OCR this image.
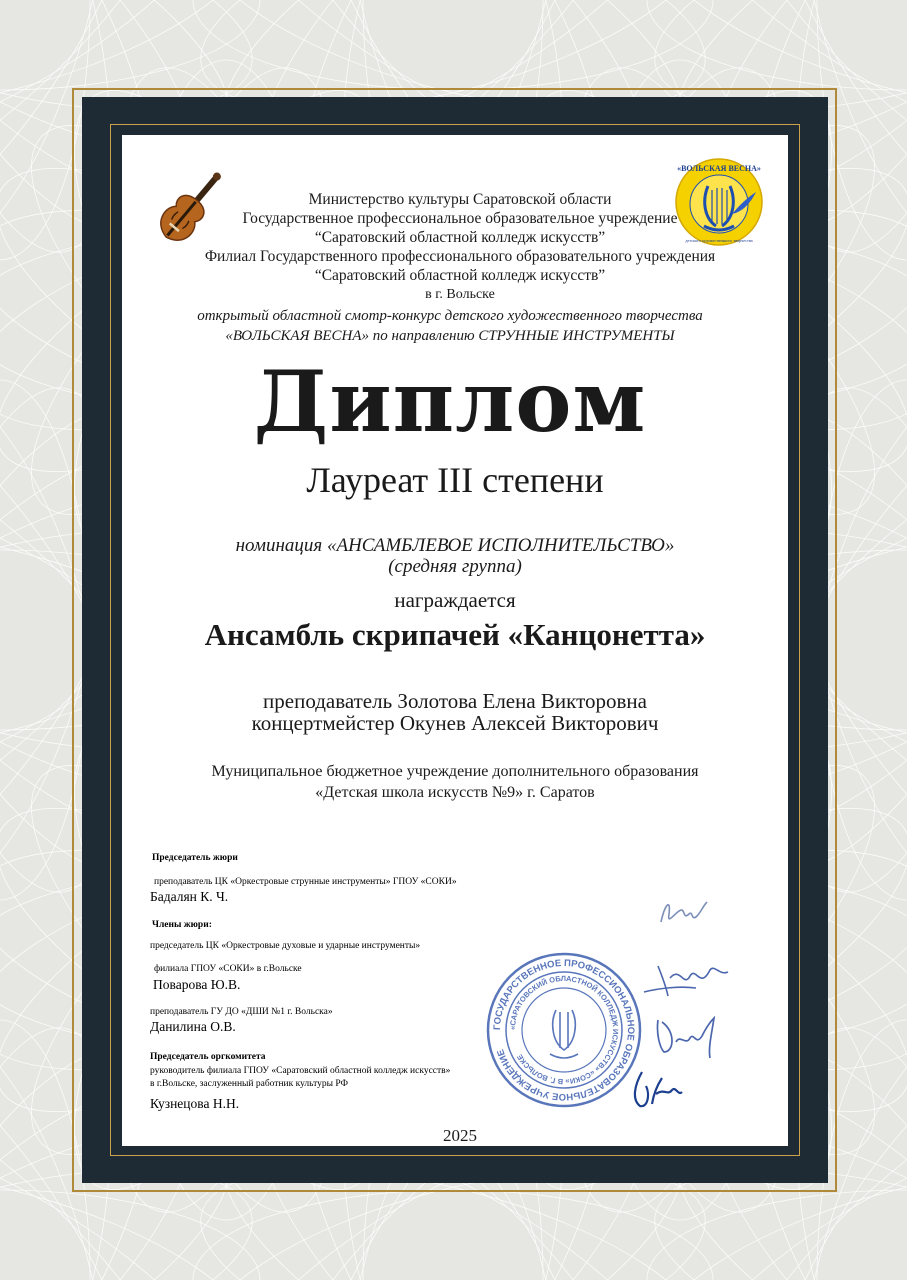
«ВОЛЬСКАЯ ВЕСНА»
детского художественного творчества
Министерство культуры Саратовской области
Государственное профессиональное образовательное учреждение
“Саратовский областной колледж искусств”
Филиал Государственного профессионального образовательного учреждения
“Саратовский областной колледж искусств”
в г. Вольске
открытый областной смотр-конкурс детского художественного творчества
«ВОЛЬСКАЯ ВЕСНА» по направлению СТРУННЫЕ ИНСТРУМЕНТЫ
Диплом
Лауреат III степени
номинация «АНСАМБЛЕВОЕ ИСПОЛНИТЕЛЬСТВО»
(средняя группа)
награждается
Ансамбль скрипачей «Канцонетта»
преподаватель Золотова Елена Викторовна
концертмейстер Окунев Алексей Викторович
Муниципальное бюджетное учреждение дополнительного образования
«Детская школа искусств №9» г. Саратов
Председатель жюри
преподаватель ЦК «Оркестровые струнные инструменты» ГПОУ «СОКИ»
Бадалян К. Ч.
Члены жюри:
председатель ЦК «Оркестровые духовые и ударные инструменты»
филиала ГПОУ «СОКИ» в г.Вольске
Поварова Ю.В.
преподаватель ГУ ДО «ДШИ №1 г. Вольска»
Данилина О.В.
Председатель оргкомитета
руководитель филиала ГПОУ «Саратовский областной колледж искусств»
в г.Вольске, заслуженный работник культуры РФ
Кузнецова Н.Н.
ГОСУДАРСТВЕННОЕ ПРОФЕССИОНАЛЬНОЕ ОБРАЗОВАТЕЛЬНОЕ УЧРЕЖДЕНИЕ
«САРАТОВСКИЙ ОБЛАСТНОЙ КОЛЛЕДЖ ИСКУССТВ» «СОКИ» В Г. ВОЛЬСКЕ
2025
